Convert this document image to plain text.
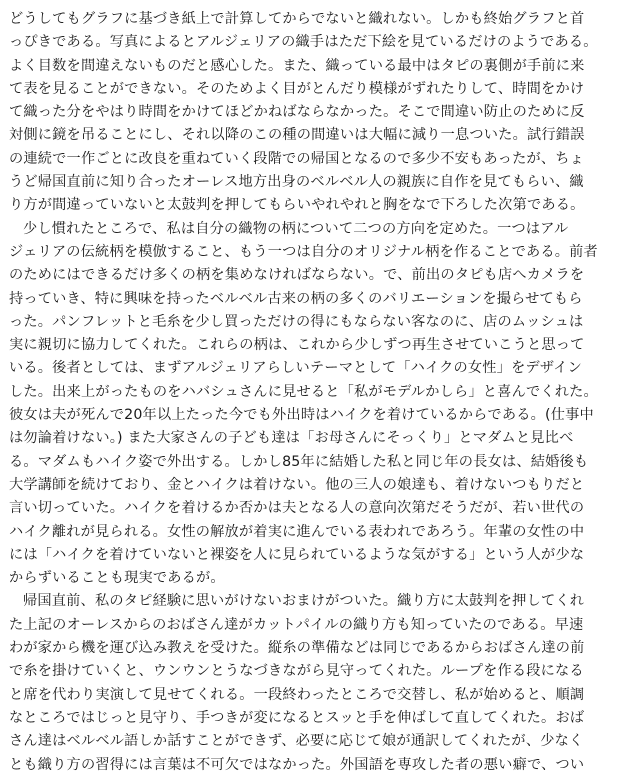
どうしてもグラフに基づき紙上で計算してからでないと織れない。しかも終始グラフと首
っぴきである。写真によるとアルジェリアの織手はただ下絵を見ているだけのようである。
よく目数を間違えないものだと感心した。また、織っている最中はタピの裏側が手前に来
て表を見ることができない。そのためよく目がとんだり模様がずれたりして、時間をかけ
て織った分をやはり時間をかけてほどかねばならなかった。そこで間違い防止のために反
対側に鏡を吊ることにし、それ以降のこの種の間違いは大幅に減り一息ついた。試行錯誤
の連続で一作ごとに改良を重ねていく段階での帰国となるので多少不安もあったが、ちょ
うど帰国直前に知り合ったオーレス地方出身のベルベル人の親族に自作を見てもらい、織
り方が間違っていないと太鼓判を押してもらいやれやれと胸をなで下ろした次第である。
少し慣れたところで、私は自分の織物の柄について二つの方向を定めた。一つはアル
ジェリアの伝統柄を模倣すること、もう一つは自分のオリジナル柄を作ることである。前者
のためにはできるだけ多くの柄を集めなければならない。で、前出のタピも店へカメラを
持っていき、特に興味を持ったベルベル古来の柄の多くのバリエーションを撮らせてもら
った。パンフレットと毛糸を少し買っただけの得にもならない客なのに、店のムッシュは
実に親切に協力してくれた。これらの柄は、これから少しずつ再生させていこうと思って
いる。後者としては、まずアルジェリアらしいテーマとして「ハイクの女性」をデザイン
した。出来上がったものをハバシュさんに見せると「私がモデルかしら」と喜んでくれた。
彼女は夫が死んで20年以上たった今でも外出時はハイクを着けているからである。(仕事中
は勿論着けない。) また大家さんの子ども達は「お母さんにそっくり」とマダムと見比べ
る。マダムもハイク姿で外出する。しかし85年に結婚した私と同じ年の長女は、結婚後も
大学講師を続けており、金とハイクは着けない。他の三人の娘達も、着けないつもりだと
言い切っていた。ハイクを着けるか否かは夫となる人の意向次第だそうだが、若い世代の
ハイク離れが見られる。女性の解放が着実に進んでいる表われであろう。年輩の女性の中
には「ハイクを着けていないと裸姿を人に見られているような気がする」という人が少な
からずいることも現実であるが。
帰国直前、私のタピ経験に思いがけないおまけがついた。織り方に太鼓判を押してくれ
た上記のオーレスからのおばさん達がカットパイルの織り方も知っていたのである。早速
わが家から機を運び込み教えを受けた。縦糸の準備などは同じであるからおばさん達の前
で糸を掛けていくと、ウンウンとうなづきながら見守ってくれた。ループを作る段になる
と席を代わり実演して見せてくれる。一段終わったところで交替し、私が始めると、順調
なところではじっと見守り、手つきが変になるとスッと手を伸ばして直してくれた。おば
さん達はベルベル語しか話すことができず、必要に応じて娘が通訳してくれたが、少なく
とも織り方の習得には言葉は不可欠ではなかった。外国語を専攻した者の悪い癖で、つい
